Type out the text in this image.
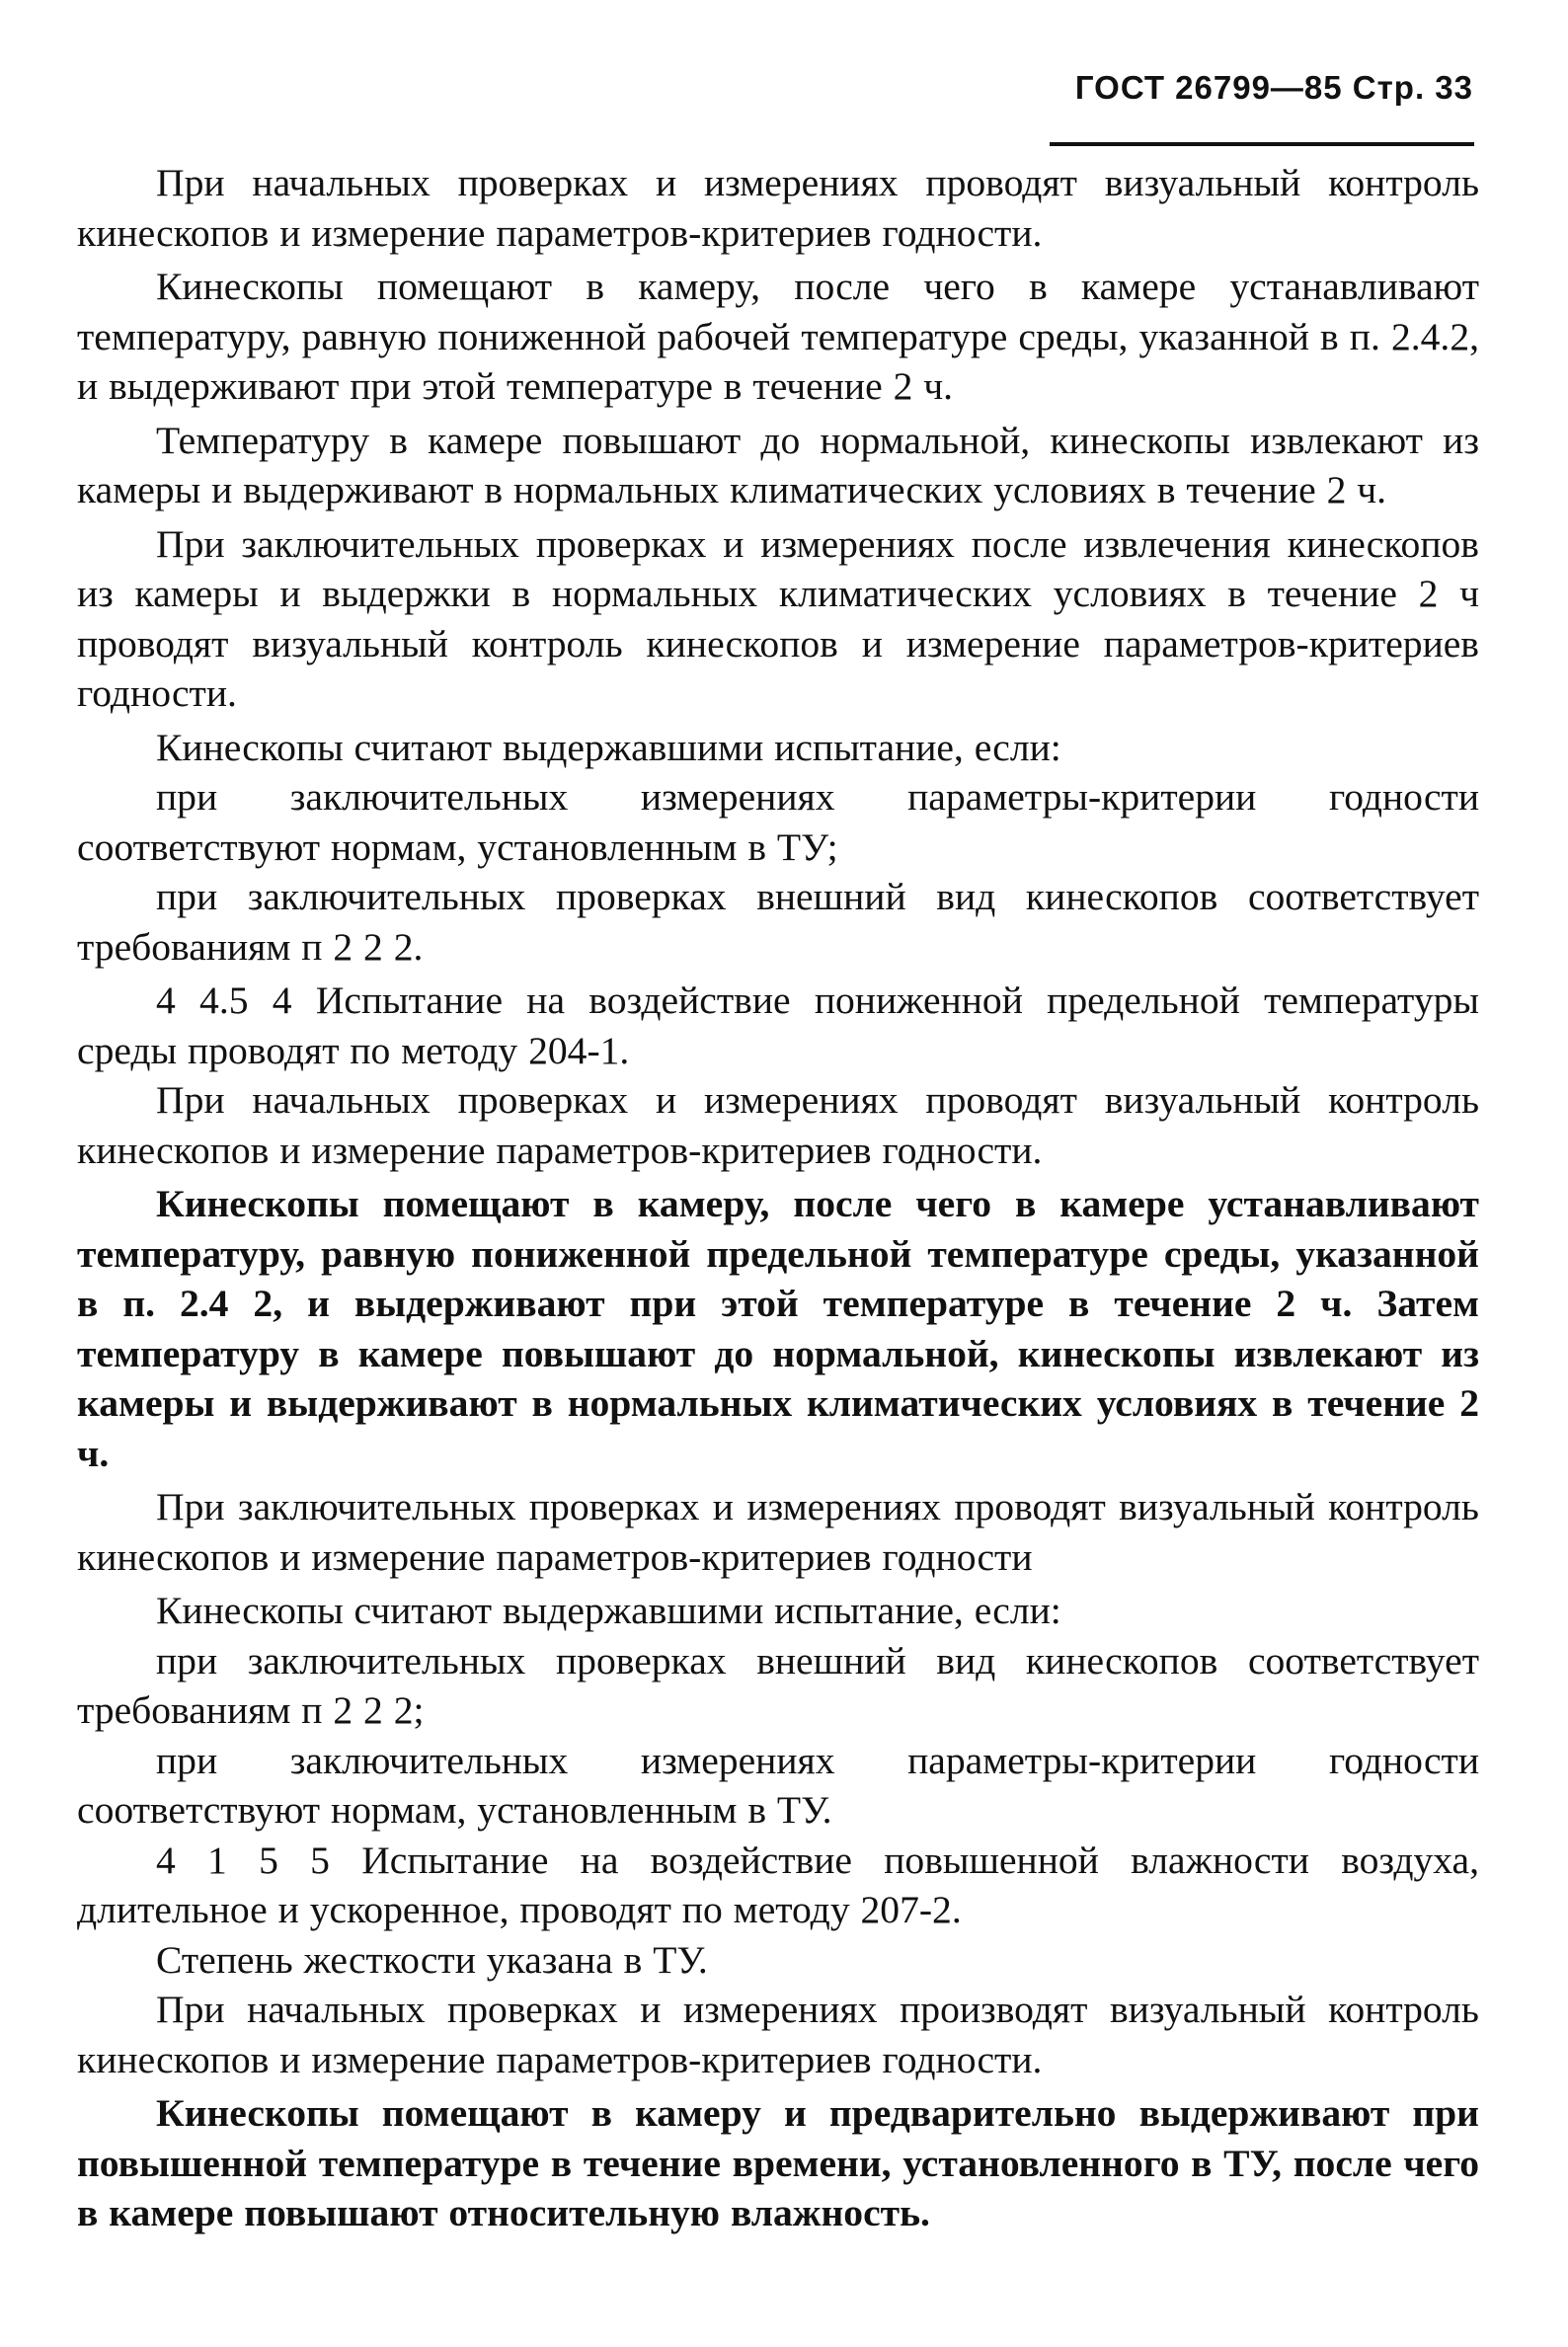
ГОСТ 26799—85 Стр. 33

При начальных проверках и измерениях проводят визуальный контроль кинескопов и измерение параметров-критериев годности.

Кинескопы помещают в камеру, после чего в камере устанавливают температуру, равную пониженной рабочей температуре среды, указанной в п. 2.4.2, и выдерживают при этой температуре в течение 2 ч.

Температуру в камере повышают до нормальной, кинескопы извлекают из камеры и выдерживают в нормальных климатических условиях в течение 2 ч.

При заключительных проверках и измерениях после извлечения кинескопов из камеры и выдержки в нормальных климатических условиях в течение 2 ч проводят визуальный контроль кинескопов и измерение параметров-критериев годности.

Кинескопы считают выдержавшими испытание, если:

при заключительных измерениях параметры-критерии годности соответствуют нормам, установленным в ТУ;

при заключительных проверках внешний вид кинескопов соответствует требованиям п 2 2 2.

4 4.5 4 Испытание на воздействие пониженной предельной температуры среды проводят по методу 204-1.

При начальных проверках и измерениях проводят визуальный контроль кинескопов и измерение параметров-критериев годности.

Кинескопы помещают в камеру, после чего в камере устанавливают температуру, равную пониженной предельной температуре среды, указанной в п. 2.4 2, и выдерживают при этой температуре в течение 2 ч. Затем температуру в камере повышают до нормальной, кинескопы извлекают из камеры и выдерживают в нормальных климатических условиях в течение 2 ч.

При заключительных проверках и измерениях проводят визуальный контроль кинескопов и измерение параметров-критериев годности

Кинескопы считают выдержавшими испытание, если:

при заключительных проверках внешний вид кинескопов соответствует требованиям п 2 2 2;

при заключительных измерениях параметры-критерии годности соответствуют нормам, установленным в ТУ.

4 1 5 5 Испытание на воздействие повышенной влажности воздуха, длительное и ускоренное, проводят по методу 207-2.

Степень жесткости указана в ТУ.

При начальных проверках и измерениях производят визуальный контроль кинескопов и измерение параметров-критериев годности.

Кинескопы помещают в камеру и предварительно выдерживают при повышенной температуре в течение времени, установленного в ТУ, после чего в камере повышают относительную влажность.
